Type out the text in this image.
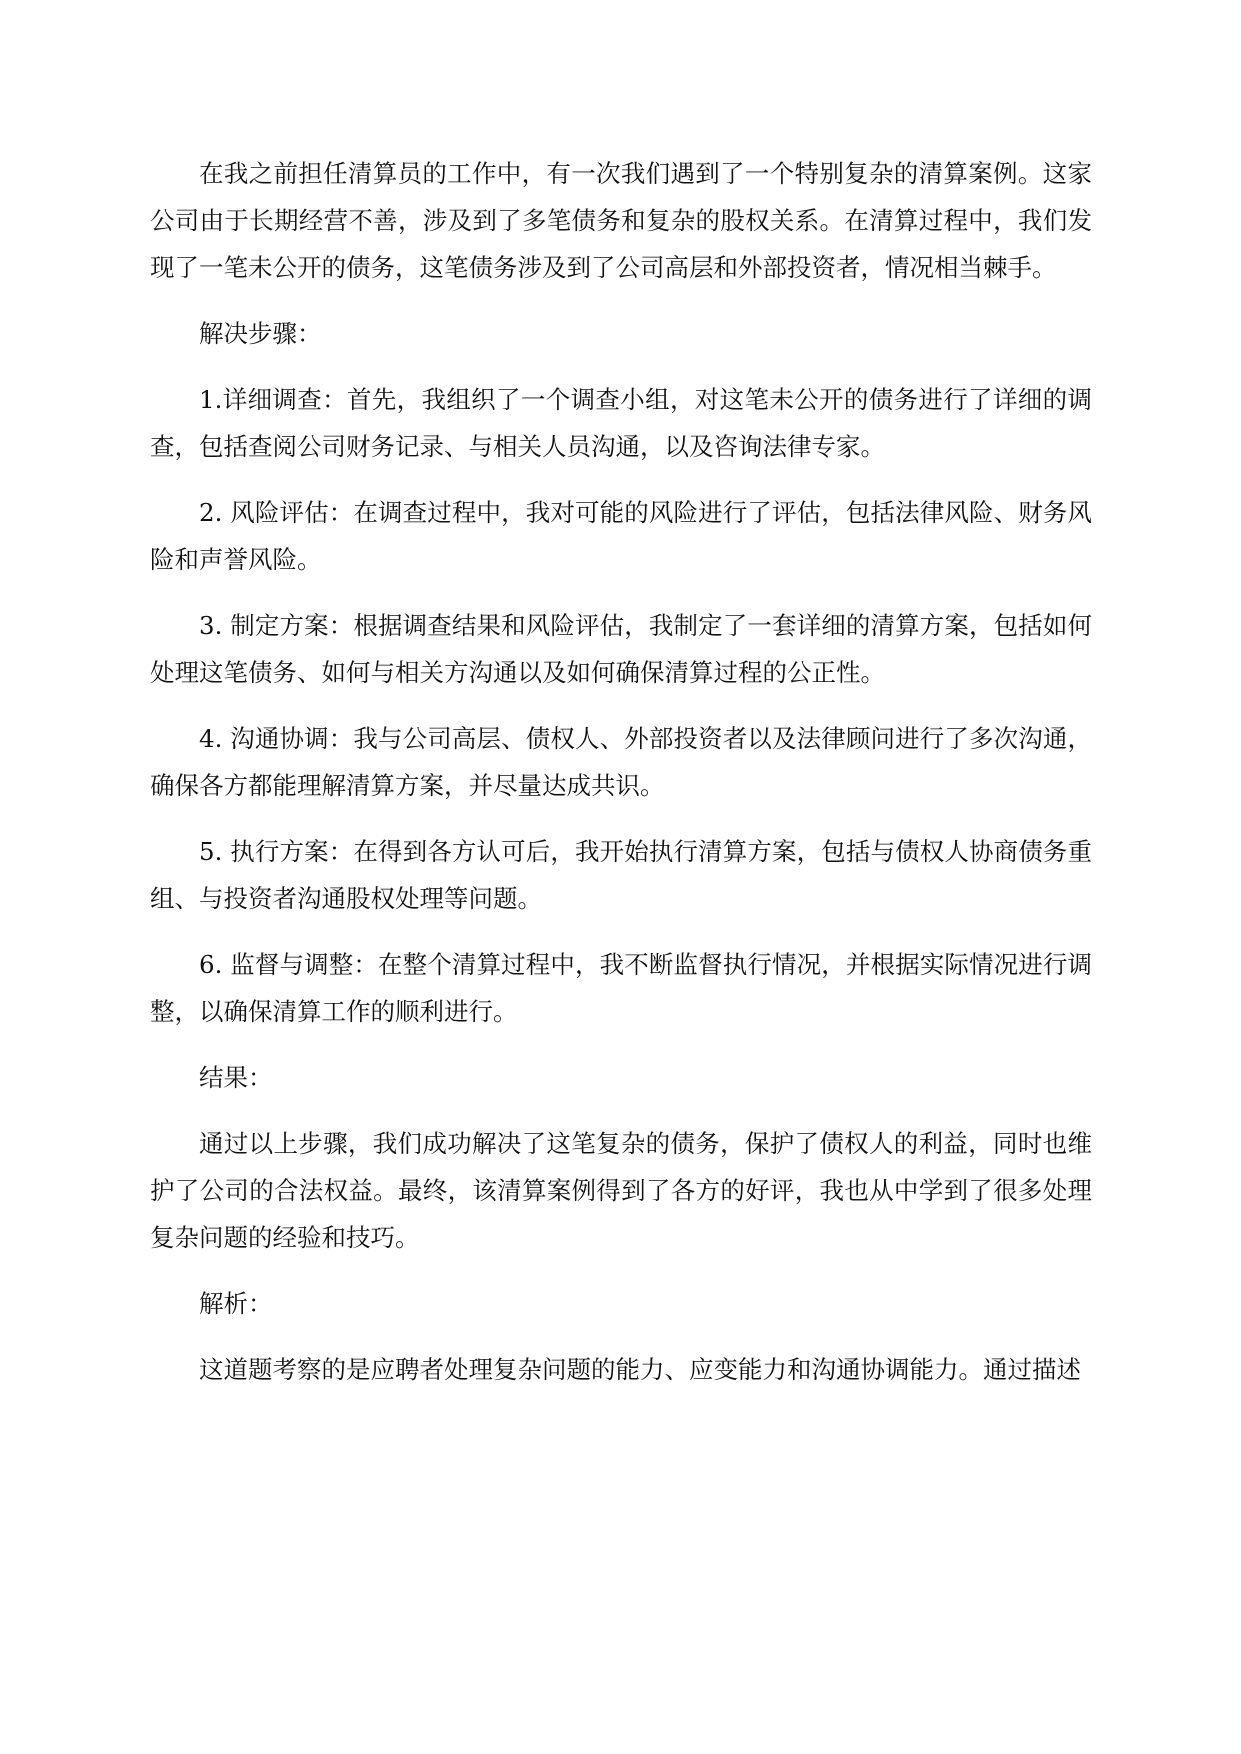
在我之前担任清算员的工作中，有一次我们遇到了一个特别复杂的清算案例。这家公司由于长期经营不善，涉及到了多笔债务和复杂的股权关系。在清算过程中，我们发现了一笔未公开的债务，这笔债务涉及到了公司高层和外部投资者，情况相当棘手。

解决步骤：

1.详细调查：首先，我组织了一个调查小组，对这笔未公开的债务进行了详细的调查，包括查阅公司财务记录、与相关人员沟通，以及咨询法律专家。

2. 风险评估：在调查过程中，我对可能的风险进行了评估，包括法律风险、财务风险和声誉风险。

3. 制定方案：根据调查结果和风险评估，我制定了一套详细的清算方案，包括如何处理这笔债务、如何与相关方沟通以及如何确保清算过程的公正性。

4. 沟通协调：我与公司高层、债权人、外部投资者以及法律顾问进行了多次沟通，确保各方都能理解清算方案，并尽量达成共识。

5. 执行方案：在得到各方认可后，我开始执行清算方案，包括与债权人协商债务重组、与投资者沟通股权处理等问题。

6. 监督与调整：在整个清算过程中，我不断监督执行情况，并根据实际情况进行调整，以确保清算工作的顺利进行。

结果：

通过以上步骤，我们成功解决了这笔复杂的债务，保护了债权人的利益，同时也维护了公司的合法权益。最终，该清算案例得到了各方的好评，我也从中学到了很多处理复杂问题的经验和技巧。

解析：

这道题考察的是应聘者处理复杂问题的能力、应变能力和沟通协调能力。通过描述
